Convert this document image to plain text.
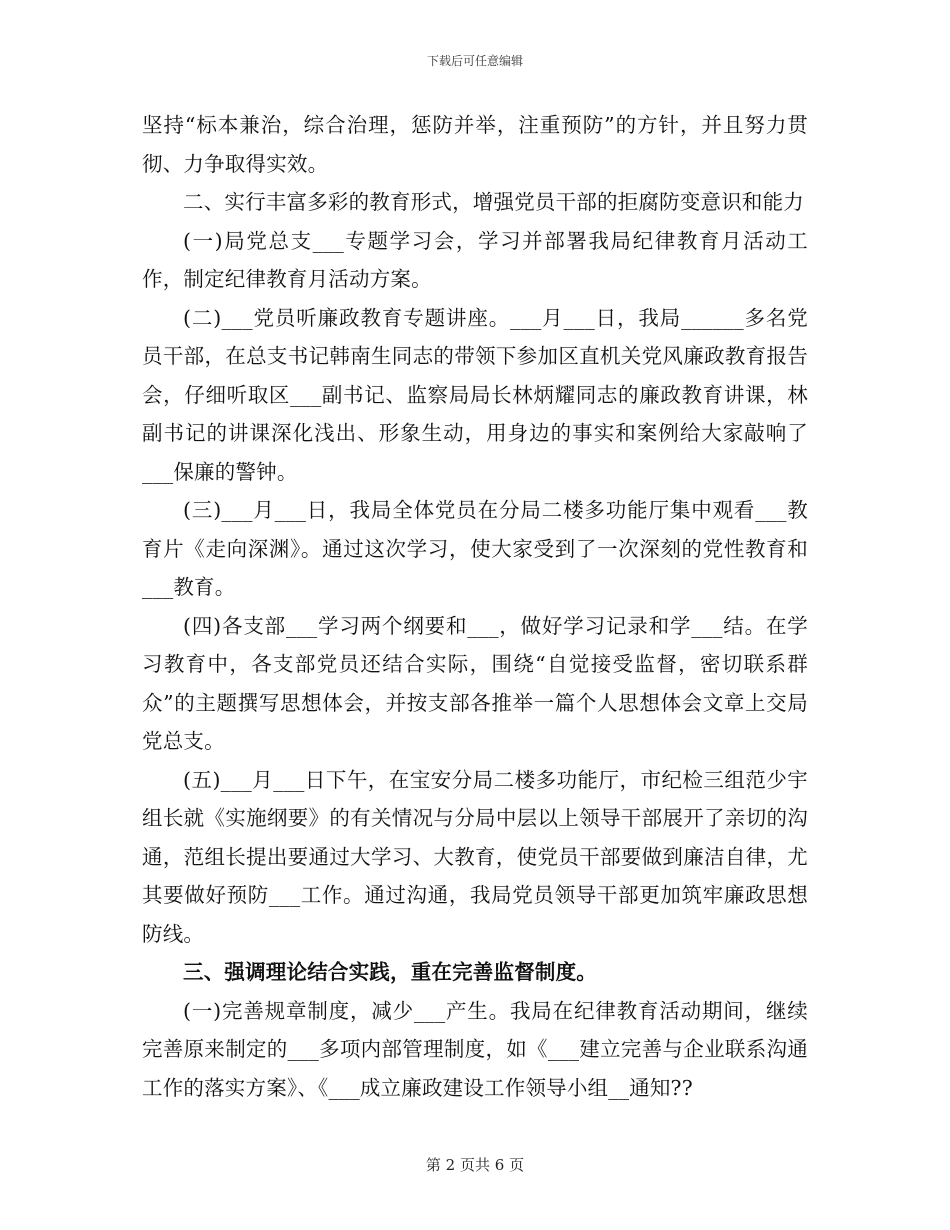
下载后可任意编辑

坚持“标本兼治，综合治理，惩防并举，注重预防”的方针，并且努力贯彻、力争取得实效。

二、实行丰富多彩的教育形式，增强党员干部的拒腐防变意识和能力

(一)局党总支___专题学习会，学习并部署我局纪律教育月活动工作，制定纪律教育月活动方案。

(二)___党员听廉政教育专题讲座。___月___日，我局______多名党员干部，在总支书记韩南生同志的带领下参加区直机关党风廉政教育报告会，仔细听取区___副书记、监察局局长林炳耀同志的廉政教育讲课，林副书记的讲课深化浅出、形象生动，用身边的事实和案例给大家敲响了___保廉的警钟。

(三)___月___日，我局全体党员在分局二楼多功能厅集中观看___教育片《走向深渊》。通过这次学习，使大家受到了一次深刻的党性教育和___教育。

(四)各支部___学习两个纲要和___，做好学习记录和学___结。在学习教育中，各支部党员还结合实际，围绕“自觉接受监督，密切联系群众”的主题撰写思想体会，并按支部各推举一篇个人思想体会文章上交局党总支。

(五)___月___日下午，在宝安分局二楼多功能厅，市纪检三组范少宇组长就《实施纲要》的有关情况与分局中层以上领导干部展开了亲切的沟通，范组长提出要通过大学习、大教育，使党员干部要做到廉洁自律，尤其要做好预防___工作。通过沟通，我局党员领导干部更加筑牢廉政思想防线。

三、强调理论结合实践，重在完善监督制度。

(一)完善规章制度，减少___产生。我局在纪律教育活动期间，继续完善原来制定的___多项内部管理制度，如《___建立完善与企业联系沟通工作的落实方案》、《___成立廉政建设工作领导小组__通知??

第 2 页共 6 页
